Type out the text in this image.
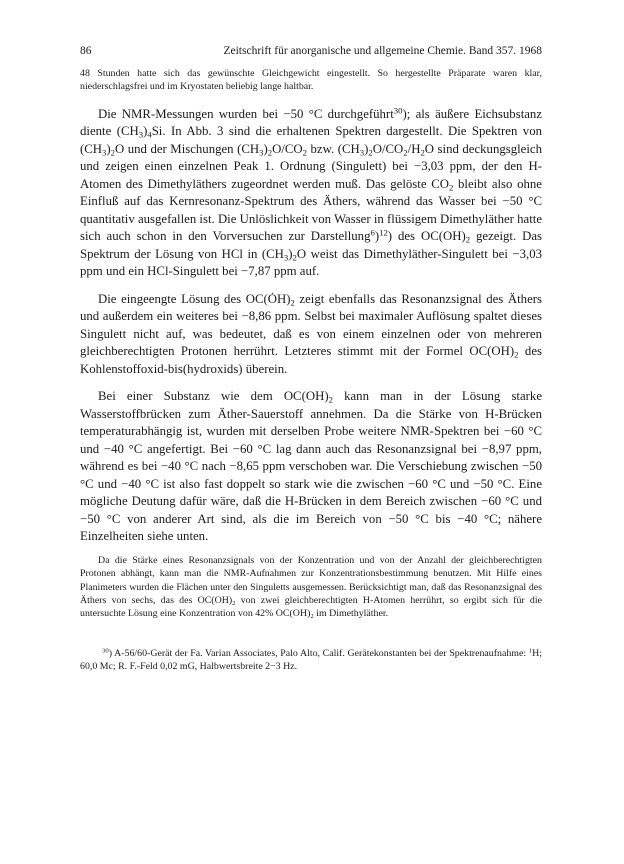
86	Zeitschrift für anorganische und allgemeine Chemie. Band 357. 1968

48 Stunden hatte sich das gewünschte Gleichgewicht eingestellt. So hergestellte Präparate waren klar, niederschlagsfrei und im Kryostaten beliebig lange haltbar.

Die NMR-Messungen wurden bei −50 °C durchgeführt$^{30}$); als äußere Eichsubstanz diente $(CH_3)_4Si$. In Abb. 3 sind die erhaltenen Spektren dargestellt. Die Spektren von $(CH_3)_2O$ und der Mischungen $(CH_3)_2O/CO_2$ bzw. $(CH_3)_2O/CO_2/H_2O$ sind deckungsgleich und zeigen einen einzelnen Peak 1. Ordnung (Singulett) bei −3,03 ppm, der den H-Atomen des Dimethyläthers zugeordnet werden muß. Das gelöste $CO_2$ bleibt also ohne Einfluß auf das Kernresonanz-Spektrum des Äthers, während das Wasser bei −50 °C quantitativ ausgefallen ist. Die Unlöslichkeit von Wasser in flüssigem Dimethyläther hatte sich auch schon in den Vorversuchen zur Darstellung$^6$)$^{12}$) des $OC(OH)_2$ gezeigt. Das Spektrum der Lösung von HCl in $(CH_3)_2O$ weist das Dimethyläther-Singulett bei −3,03 ppm und ein HCl-Singulett bei −7,87 ppm auf.

Die eingeengte Lösung des $OC(ȮH)_2$ zeigt ebenfalls das Resonanzsignal des Äthers und außerdem ein weiteres bei −8,86 ppm. Selbst bei maximaler Auflösung spaltet dieses Singulett nicht auf, was bedeutet, daß es von einem einzelnen oder von mehreren gleichberechtigten Protonen herrührt. Letzteres stimmt mit der Formel $OC(OH)_2$ des Kohlenstoffoxid-bis(hydroxids) überein.

Bei einer Substanz wie dem $OC(OH)_2$ kann man in der Lösung starke Wasserstoffbrücken zum Äther-Sauerstoff annehmen. Da die Stärke von H-Brücken temperaturabhängig ist, wurden mit derselben Probe weitere NMR-Spektren bei −60 °C und −40 °C angefertigt. Bei −60 °C lag dann auch das Resonanzsignal bei −8,97 ppm, während es bei −40 °C nach −8,65 ppm verschoben war. Die Verschiebung zwischen −50 °C und −40 °C ist also fast doppelt so stark wie die zwischen −60 °C und −50 °C. Eine mögliche Deutung dafür wäre, daß die H-Brücken in dem Bereich zwischen −60 °C und −50 °C von anderer Art sind, als die im Bereich von −50 °C bis −40 °C; nähere Einzelheiten siehe unten.

Da die Stärke eines Resonanzsignals von der Konzentration und von der Anzahl der gleichberechtigten Protonen abhängt, kann man die NMR-Aufnahmen zur Konzentrationsbestimmung benutzen. Mit Hilfe eines Planimeters wurden die Flächen unter den Singuletts ausgemessen. Berücksichtigt man, daß das Resonanzsignal des Äthers von sechs, das des $OC(OH)_2$ von zwei gleichberechtigten H-Atomen herrührt, so ergibt sich für die untersuchte Lösung eine Konzentration von 42% $OC(OH)_2$ im Dimethyläther.

$^{30}$) A-56/60-Gerät der Fa. Varian Associates, Palo Alto, Calif. Gerätekonstanten bei der Spektrenaufnahme: $^1$H; 60,0 Mc; R. F.-Feld 0,02 mG, Halbwertsbreite 2−3 Hz.
